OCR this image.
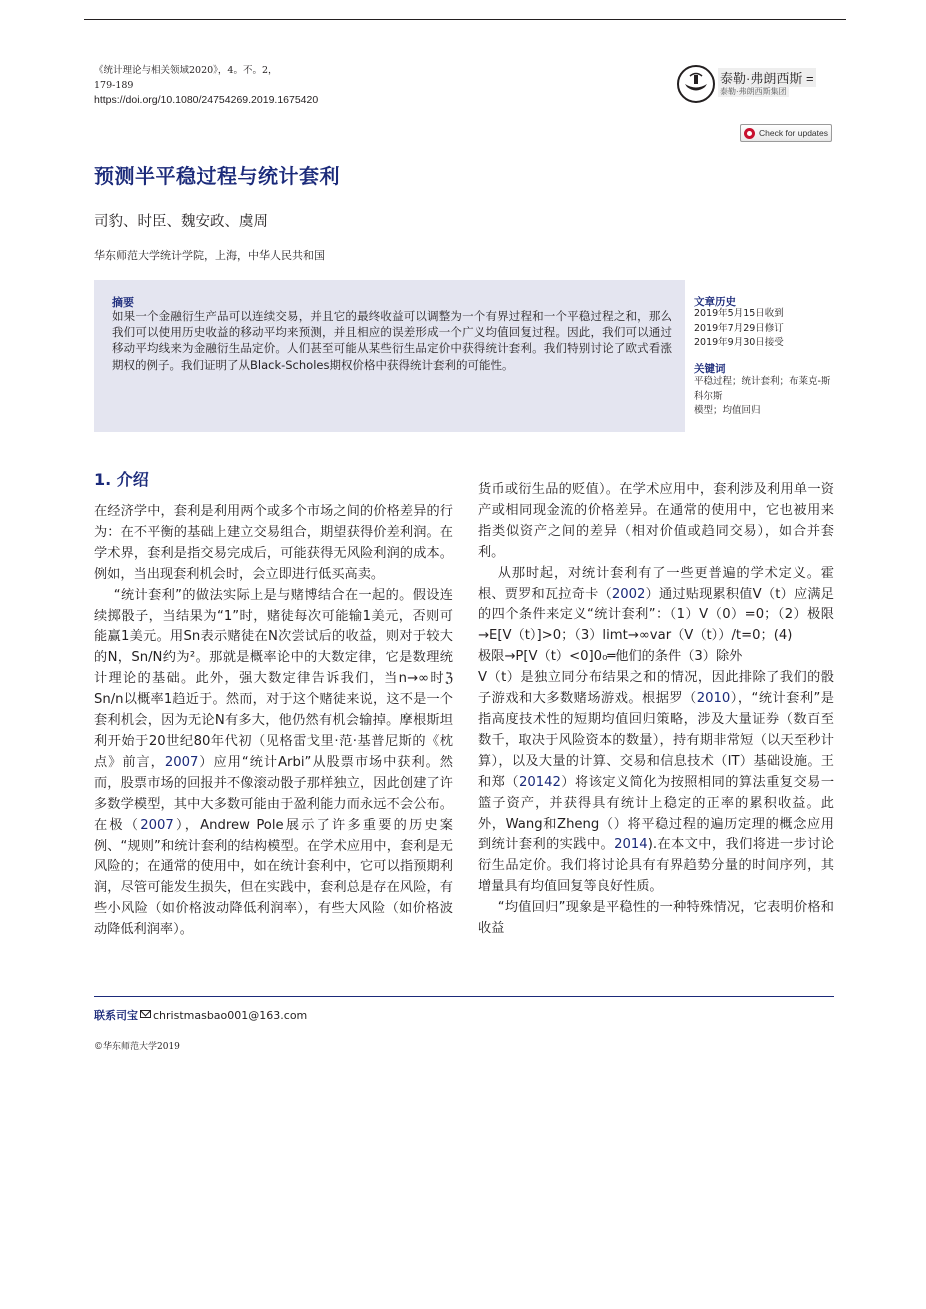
《统计理论与相关领域2020》，4。不。2，
179-189
https://doi.org/10.1080/24754269.2019.1675420
泰勒·弗朗西斯 =
泰勒·弗朗西斯集团
Check for updates
预测半平稳过程与统计套利
司豹、时臣、魏安政、虞周
华东师范大学统计学院，上海，中华人民共和国
摘要
如果一个金融衍生产品可以连续交易，并且它的最终收益可以调整为一个有界过程和一个平稳过程之和，那么我们可以使用历史收益的移动平均来预测，并且相应的误差形成一个广义均值回复过程。因此，我们可以通过移动平均线来为金融衍生品定价。人们甚至可能从某些衍生品定价中获得统计套利。我们特别讨论了欧式看涨期权的例子。我们证明了从Black-Scholes期权价格中获得统计套利的可能性。
文章历史
2019年5月15日收到
2019年7月29日修订
2019年9月30日接受
关键词
平稳过程；统计套利；布莱克-斯
科尔斯
模型；均值回归
1. 介绍

在经济学中，套利是利用两个或多个市场之间的价格差异的行为：在不平衡的基础上建立交易组合，期望获得价差利润。在学术界，套利是指交易完成后，可能获得无风险利润的成本。例如，当出现套利机会时，会立即进行低买高卖。

“统计套利”的做法实际上是与赌博结合在一起的。假设连续掷骰子，当结果为“1”时，赌徒每次可能输1美元，否则可能赢1美元。用Sn表示赌徒在N次尝试后的收益，则对于较大的N，Sn/N约为²。那就是概率论中的大数定律，它是数理统计理论的基础。此外，强大数定律告诉我们，当n→∞时ℨ Sn/n以概率1趋近于。然而，对于这个赌徒来说，这不是一个套利机会，因为无论N有多大，他仍然有机会输掉。摩根斯坦利开始于20世纪80年代初（见格雷戈里·范·基普尼斯的《枕点》前言，2007）应用“统计Arbi”从股票市场中获利。然而，股票市场的回报并不像滚动骰子那样独立，因此创建了许多数学模型，其中大多数可能由于盈利能力而永远不会公布。在极（2007），Andrew Pole展示了许多重要的历史案例、“规则”和统计套利的结构模型。在学术应用中，套利是无风险的；在通常的使用中，如在统计套利中，它可以指预期利润，尽管可能发生损失，但在实践中，套利总是存在风险，有些小风险（如价格波动降低利润率），有些大风险（如价格波动降低利润率）。

货币或衍生品的贬值）。在学术应用中，套利涉及利用单一资产或相同现金流的价格差异。在通常的使用中，它也被用来指类似资产之间的差异（相对价值或趋同交易），如合并套利。

从那时起，对统计套利有了一些更普遍的学术定义。霍根、贾罗和瓦拉奇卡（2002）通过贴现累积值V（t）应满足的四个条件来定义“统计套利”：（1）V（0）=0；（2）极限→E[V（t）]>0；（3）limt→∞var（V（t））/t=0；(4)

极限→P[V（t）<0]0₀═他们的条件（3）除外

V（t）是独立同分布结果之和的情况，因此排除了我们的骰子游戏和大多数赌场游戏。根据罗（2010），“统计套利”是指高度技术性的短期均值回归策略，涉及大量证券（数百至数千，取决于风险资本的数量），持有期非常短（以天至秒计算），以及大量的计算、交易和信息技术（IT）基础设施。王和郑（20142）将该定义简化为按照相同的算法重复交易一篮子资产，并获得具有统计上稳定的正率的累积收益。此外，Wang和Zheng（）将平稳过程的遍历定理的概念应用到统计套利的实践中。2014).在本文中，我们将进一步讨论衍生品定价。我们将讨论具有有界趋势分量的时间序列，其增量具有均值回复等良好性质。

“均值回归”现象是平稳性的一种特殊情况，它表明价格和收益

联系司宝 christmasbao001@163.com
©华东师范大学2019
